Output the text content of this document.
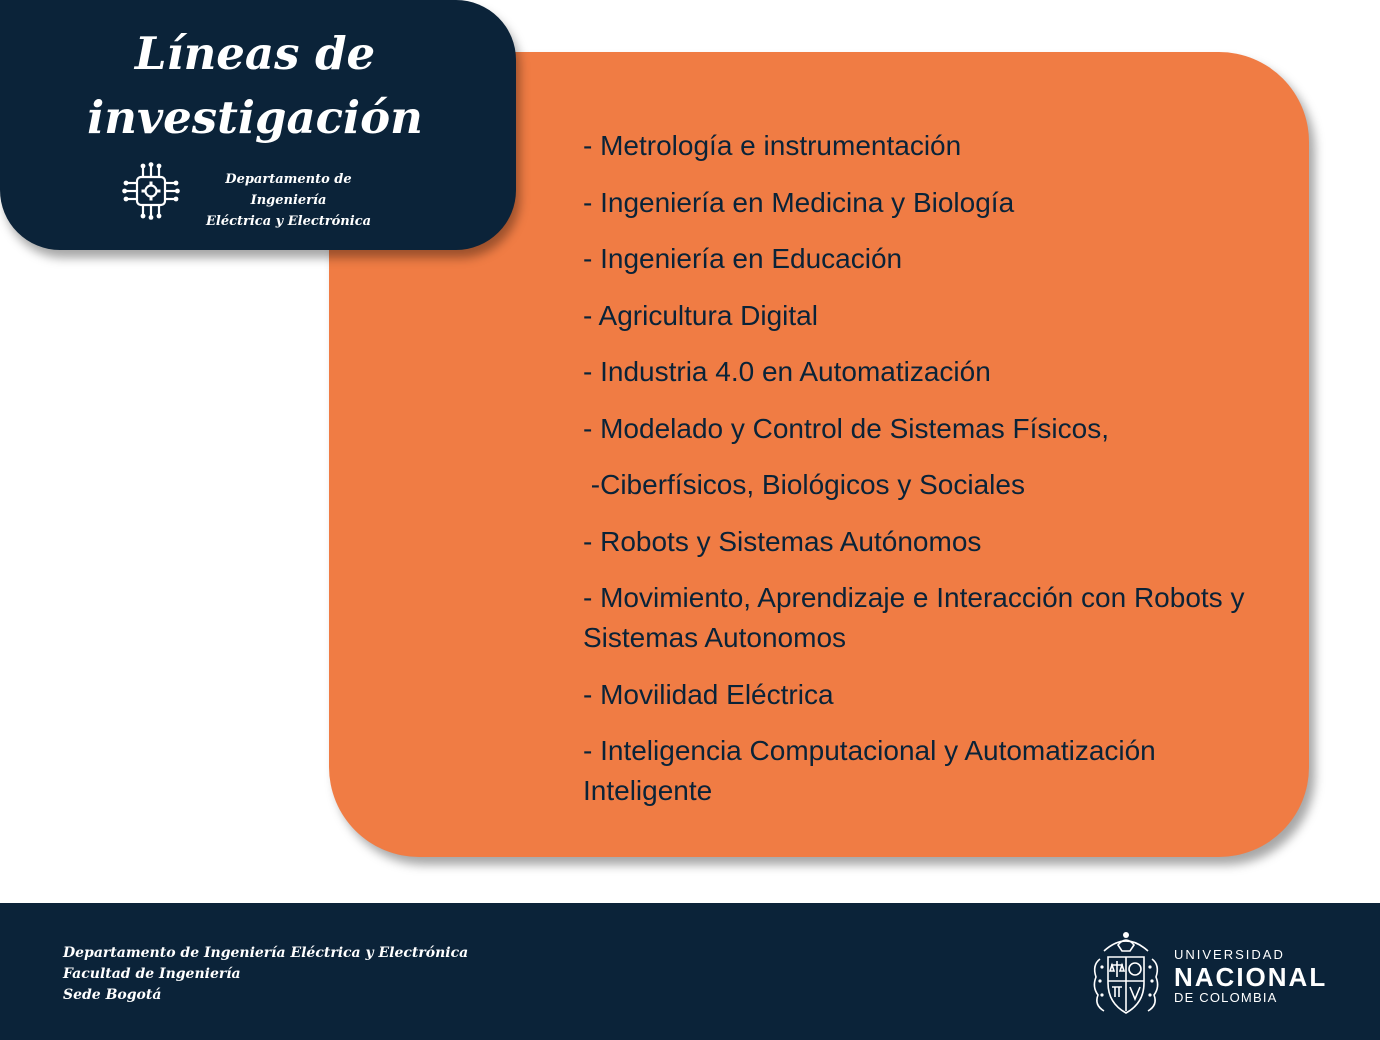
- Metrología e instrumentación
- Ingeniería en Medicina y Biología
- Ingeniería en Educación
- Agricultura Digital
- Industria 4.0 en Automatización
- Modelado y Control de Sistemas Físicos,
-Ciberfísicos, Biológicos y Sociales
- Robots y Sistemas Autónomos
- Movimiento, Aprendizaje e Interacción con Robots y Sistemas Autonomos
- Movilidad Eléctrica
- Inteligencia Computacional y Automatización Inteligente
Líneas de
investigación
Departamento de Ingeniería
Eléctrica y Electrónica
Departamento de Ingeniería Eléctrica y Electrónica
Facultad de Ingeniería
Sede Bogotá
UNIVERSIDAD
NACIONAL
DE COLOMBIA
